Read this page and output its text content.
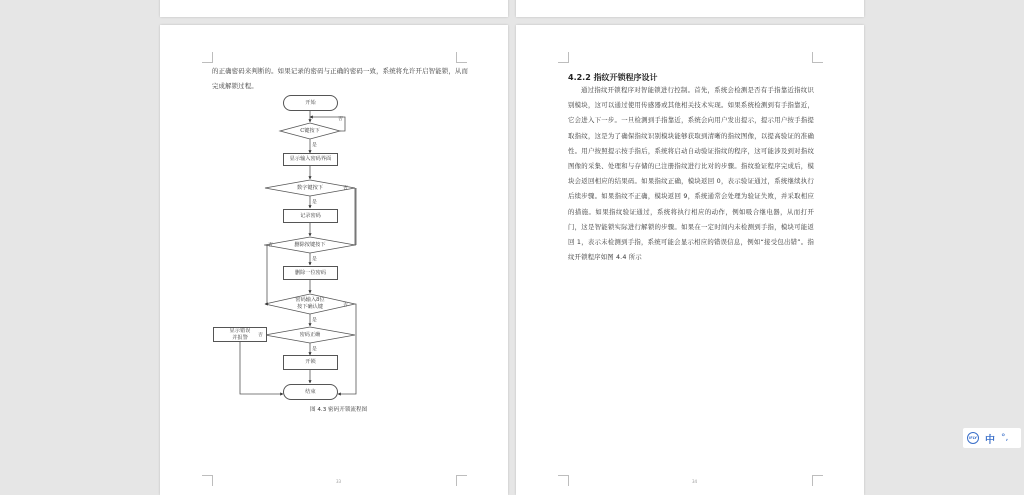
的正确密码来判断的。如果记录的密码与正确的密码一致，系统将允许开启智能锁，从而完成解锁过程。
开始
C键按下
显示输入密码界面
数字键按下
记录密码
删除按键按下
删除一位密码
密码输入8位
按下确认键
密码正确
显示错误
并报警
开锁
结束
否
是
否
是
否
是
否
是
否
是
图 4.3 密码开锁流程图
33
4.2.2 指纹开锁程序设计
通过指纹开锁程序对智能锁进行控制。首先，系统会检测是否有手指靠近指纹识别模块，这可以通过使用传感器或其他相关技术实现。如果系统检测到有手指靠近，它会进入下一步。一旦检测到手指靠近，系统会向用户发出提示，提示用户按手指提取指纹，这是为了确保指纹识别模块能够获取到清晰的指纹图像，以提高验证的准确性。用户按照提示按手指后，系统将启动自动验证指纹的程序，这可能涉及到对指纹图像的采集、处理和与存储的已注册指纹进行比对的步骤。指纹验证程序完成后，模块会返回相应的结果码。如果指纹正确，模块返回 0，表示验证通过，系统继续执行后续步骤。如果指纹不正确，模块返回 9，系统通常会处理为验证失败，并采取相应的措施。如果指纹验证通过，系统将执行相应的动作，例如吸合继电器，从而打开门，这是智能锁实际进行解锁的步骤。如果在一定时间内未检测到手指，模块可能返回 1，表示未检测到手指，系统可能会显示相应的错误信息，例如“接受包出错”。指纹开锁程序如图 4.4 所示
34
iFLY 中 °,
